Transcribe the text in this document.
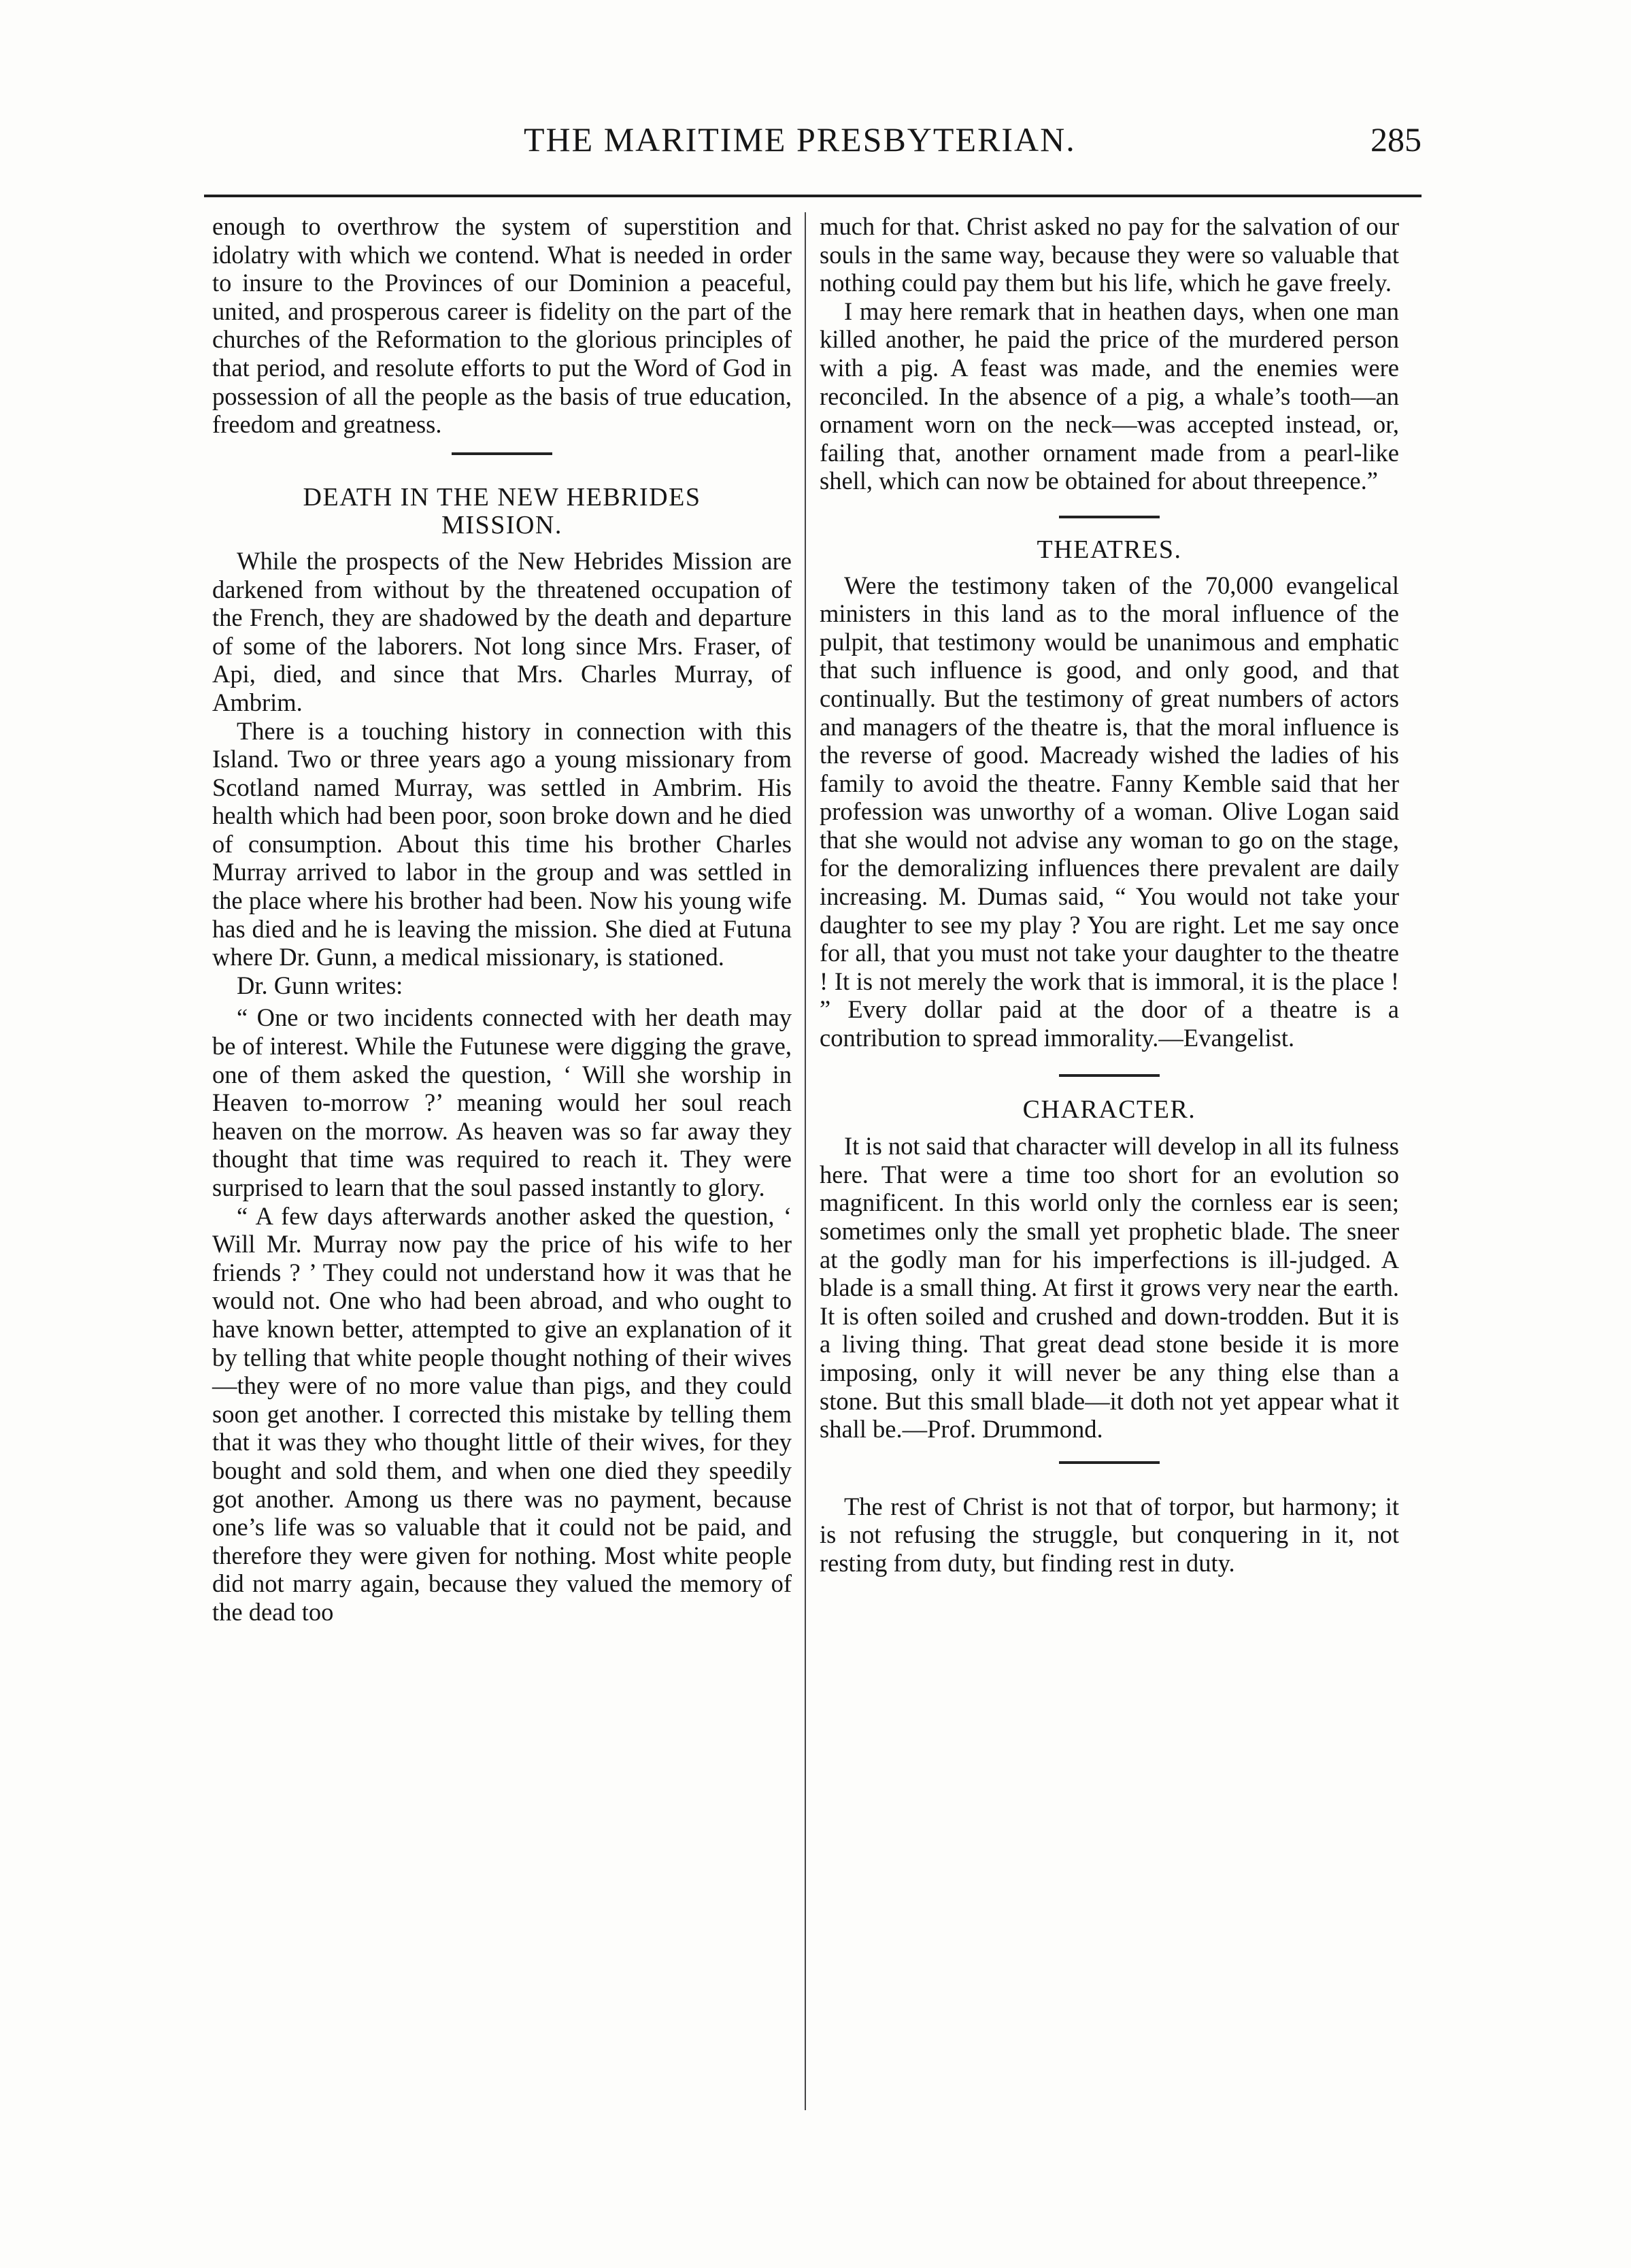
THE MARITIME PRESBYTERIAN.	285

enough to overthrow the system of superstition and idolatry with which we contend. What is needed in order to insure to the Provinces of our Dominion a peaceful, united, and prosperous career is fidelity on the part of the churches of the Reformation to the glorious principles of that period, and resolute efforts to put the Word of God in possession of all the people as the basis of true education, freedom and greatness.

DEATH IN THE NEW HEBRIDES

MISSION.

While the prospects of the New Hebrides Mission are darkened from without by the threatened occupation of the French, they are shadowed by the death and departure of some of the laborers. Not long since Mrs. Fraser, of Api, died, and since that Mrs. Charles Murray, of Ambrim.

There is a touching history in connection with this Island. Two or three years ago a young missionary from Scotland named Murray, was settled in Ambrim. His health which had been poor, soon broke down and he died of consumption. About this time his brother Charles Murray arrived to labor in the group and was settled in the place where his brother had been. Now his young wife has died and he is leaving the mission. She died at Futuna where Dr. Gunn, a medical missionary, is stationed.

Dr. Gunn writes:

“ One or two incidents connected with her death may be of interest. While the Futunese were digging the grave, one of them asked the question, ‘ Will she worship in Heaven to-morrow ?’ meaning would her soul reach heaven on the morrow. As heaven was so far away they thought that time was required to reach it. They were surprised to learn that the soul passed instantly to glory.

“ A few days afterwards another asked the question, ‘ Will Mr. Murray now pay the price of his wife to her friends ? ’ They could not understand how it was that he would not. One who had been abroad, and who ought to have known better, attempted to give an explanation of it by telling that white people thought nothing of their wives —they were of no more value than pigs, and they could soon get another. I corrected this mistake by telling them that it was they who thought little of their wives, for they bought and sold them, and when one died they speedily got another. Among us there was no payment, because one’s life was so valuable that it could not be paid, and therefore they were given for nothing. Most white people did not marry again, because they valued the memory of the dead too

much for that. Christ asked no pay for the salvation of our souls in the same way, because they were so valuable that nothing could pay them but his life, which he gave freely.

I may here remark that in heathen days, when one man killed another, he paid the price of the murdered person with a pig. A feast was made, and the enemies were reconciled. In the absence of a pig, a whale’s tooth—an ornament worn on the neck—was accepted instead, or, failing that, another ornament made from a pearl-like shell, which can now be obtained for about threepence.”

THEATRES.

Were the testimony taken of the 70,000 evangelical ministers in this land as to the moral influence of the pulpit, that testimony would be unanimous and emphatic that such influence is good, and only good, and that continually. But the testimony of great numbers of actors and managers of the theatre is, that the moral influence is the reverse of good. Macready wished the ladies of his family to avoid the theatre. Fanny Kemble said that her profession was unworthy of a woman. Olive Logan said that she would not advise any woman to go on the stage, for the demoralizing influences there prevalent are daily increasing. M. Dumas said, “ You would not take your daughter to see my play ? You are right. Let me say once for all, that you must not take your daughter to the theatre ! It is not merely the work that is immoral, it is the place ! ” Every dollar paid at the door of a theatre is a contribution to spread immorality.—Evangelist.

CHARACTER.

It is not said that character will develop in all its fulness here. That were a time too short for an evolution so magnificent. In this world only the cornless ear is seen; sometimes only the small yet prophetic blade. The sneer at the godly man for his imperfections is ill-judged. A blade is a small thing. At first it grows very near the earth. It is often soiled and crushed and down-trodden. But it is a living thing. That great dead stone beside it is more imposing, only it will never be any thing else than a stone. But this small blade—it doth not yet appear what it shall be.—Prof. Drummond.

The rest of Christ is not that of torpor, but harmony; it is not refusing the struggle, but conquering in it, not resting from duty, but finding rest in duty.
